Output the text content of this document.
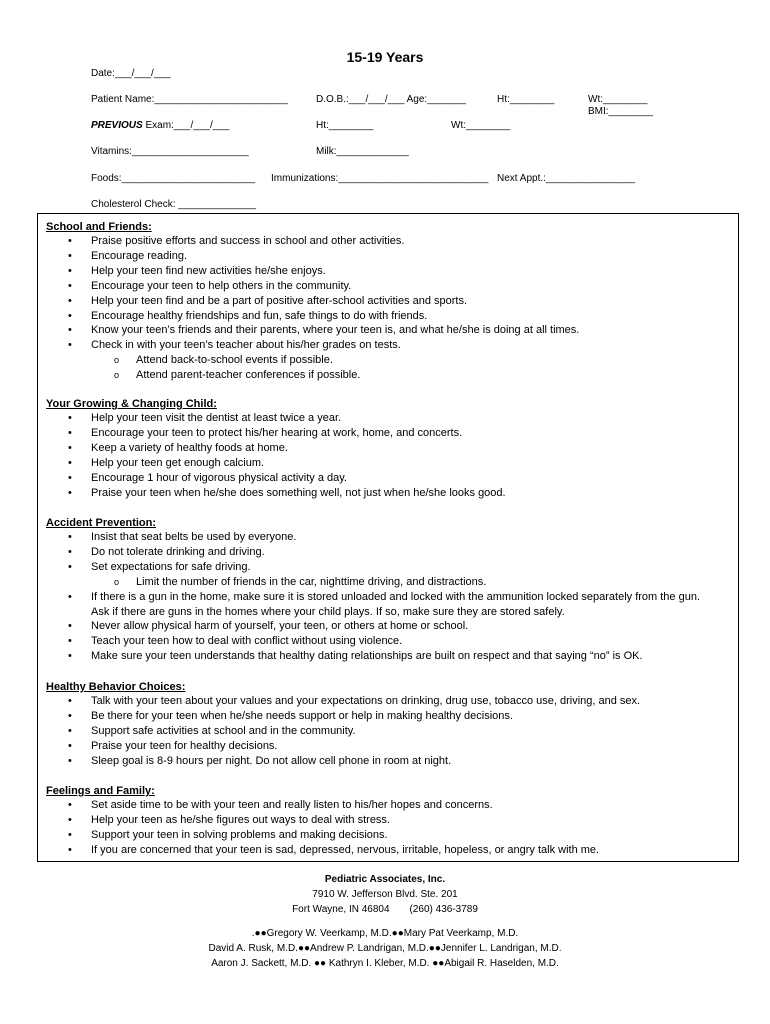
15-19 Years
Date:___/___/___
Patient Name:________________________	D.O.B.:___/___/___ Age:_______	Ht:________	Wt:________
BMI:________
PREVIOUS Exam:___/___/___	Ht:________	Wt:________
Vitamins:_____________________	Milk:_____________
Foods:________________________ Immunizations:___________________________ Next Appt.:________________
Cholesterol Check: ______________
School and Friends:
• Praise positive efforts and success in school and other activities.
• Encourage reading.
• Help your teen find new activities he/she enjoys.
• Encourage your teen to help others in the community.
• Help your teen find and be a part of positive after-school activities and sports.
• Encourage healthy friendships and fun, safe things to do with friends.
• Know your teen’s friends and their parents, where your teen is, and what he/she is doing at all times.
• Check in with your teen’s teacher about his/her grades on tests.
o Attend back-to-school events if possible.
o Attend parent-teacher conferences if possible.
Your Growing & Changing Child:
• Help your teen visit the dentist at least twice a year.
• Encourage your teen to protect his/her hearing at work, home, and concerts.
• Keep a variety of healthy foods at home.
• Help your teen get enough calcium.
• Encourage 1 hour of vigorous physical activity a day.
• Praise your teen when he/she does something well, not just when he/she looks good.
Accident Prevention:
• Insist that seat belts be used by everyone.
• Do not tolerate drinking and driving.
• Set expectations for safe driving.
o Limit the number of friends in the car, nighttime driving, and distractions.
• If there is a gun in the home, make sure it is stored unloaded and locked with the ammunition locked separately from the gun. Ask if there are guns in the homes where your child plays. If so, make sure they are stored safely.
• Never allow physical harm of yourself, your teen, or others at home or school.
• Teach your teen how to deal with conflict without using violence.
• Make sure your teen understands that healthy dating relationships are built on respect and that saying “no” is OK.
Healthy Behavior Choices:
• Talk with your teen about your values and your expectations on drinking, drug use, tobacco use, driving, and sex.
• Be there for your teen when he/she needs support or help in making healthy decisions.
• Support safe activities at school and in the community.
• Praise your teen for healthy decisions.
• Sleep goal is 8-9 hours per night. Do not allow cell phone in room at night.
Feelings and Family:
• Set aside time to be with your teen and really listen to his/her hopes and concerns.
• Help your teen as he/she figures out ways to deal with stress.
• Support your teen in solving problems and making decisions.
• If you are concerned that your teen is sad, depressed, nervous, irritable, hopeless, or angry talk with me.
Pediatric Associates, Inc.
7910 W. Jefferson Blvd. Ste. 201
Fort Wayne, IN 46804 (260) 436-3789
.●●Gregory W. Veerkamp, M.D.●●Mary Pat Veerkamp, M.D.
David A. Rusk, M.D.●●Andrew P. Landrigan, M.D.●●Jennifer L. Landrigan, M.D.
Aaron J. Sackett, M.D. ●● Kathryn I. Kleber, M.D. ●●Abigail R. Haselden, M.D.
